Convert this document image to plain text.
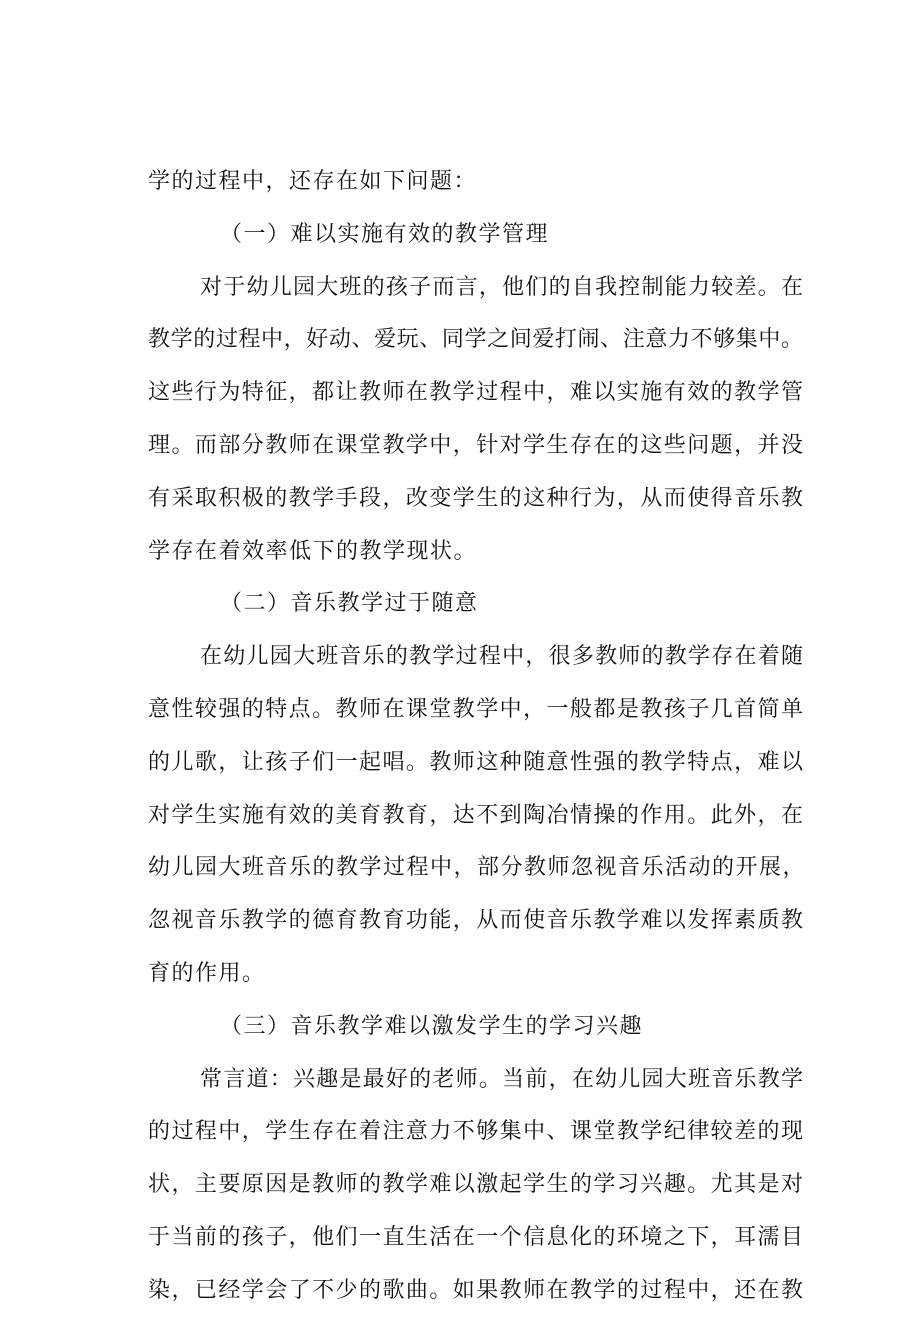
学的过程中，还存在如下问题：
（一）难以实施有效的教学管理
对于幼儿园大班的孩子而言，他们的自我控制能力较差。在
教学的过程中，好动、爱玩、同学之间爱打闹、注意力不够集中。
这些行为特征，都让教师在教学过程中，难以实施有效的教学管
理。而部分教师在课堂教学中，针对学生存在的这些问题，并没
有采取积极的教学手段，改变学生的这种行为，从而使得音乐教
学存在着效率低下的教学现状。
（二）音乐教学过于随意
在幼儿园大班音乐的教学过程中，很多教师的教学存在着随
意性较强的特点。教师在课堂教学中，一般都是教孩子几首简单
的儿歌，让孩子们一起唱。教师这种随意性强的教学特点，难以
对学生实施有效的美育教育，达不到陶冶情操的作用。此外，在
幼儿园大班音乐的教学过程中，部分教师忽视音乐活动的开展，
忽视音乐教学的德育教育功能，从而使音乐教学难以发挥素质教
育的作用。
（三）音乐教学难以激发学生的学习兴趣
常言道：兴趣是最好的老师。当前，在幼儿园大班音乐教学
的过程中，学生存在着注意力不够集中、课堂教学纪律较差的现
状，主要原因是教师的教学难以激起学生的学习兴趣。尤其是对
于当前的孩子，他们一直生活在一个信息化的环境之下，耳濡目
染，已经学会了不少的歌曲。如果教师在教学的过程中，还在教
